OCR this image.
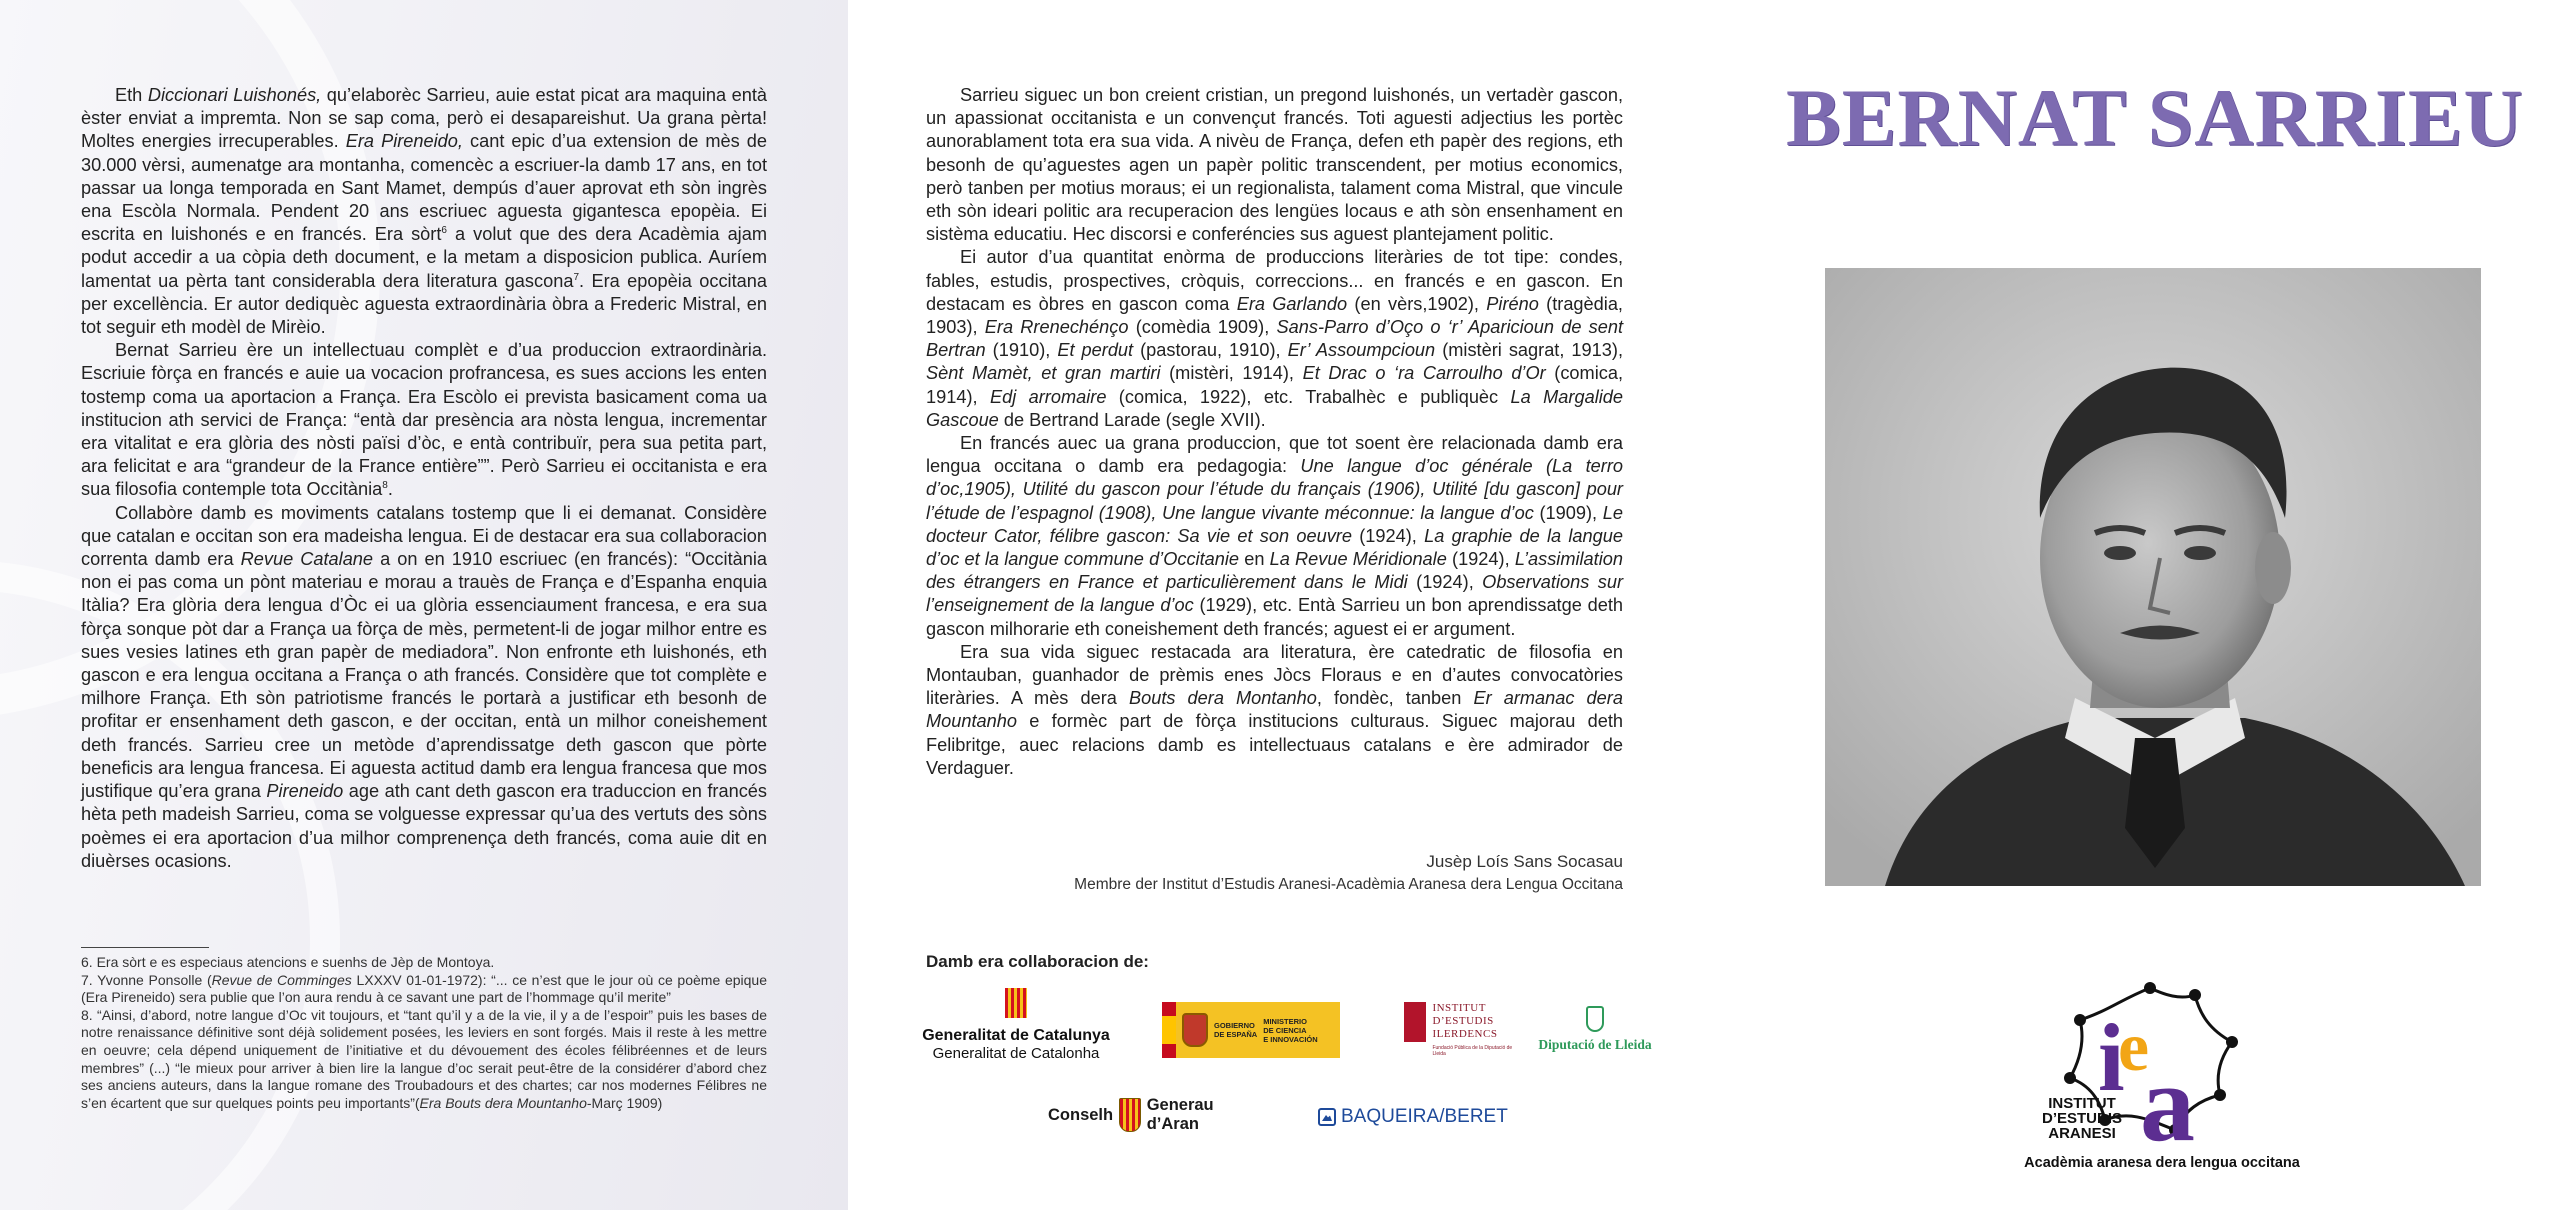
Eth Diccionari Luishonés, qu’elaborèc Sarrieu, auie estat picat ara maquina entà èster enviat a impremta. Non se sap coma, però ei desapareishut. Ua grana pèrta! Moltes energies irrecuperables. Era Pireneido, cant epic d’ua extension de mès de 30.000 vèrsi, aumenatge ara montanha, comencèc a escriuer-la damb 17 ans, en tot passar ua longa temporada en Sant Mamet, dempús d’auer aprovat eth sòn ingrès ena Escòla Normala. Pendent 20 ans escriuec aguesta gigantesca epopèia. Ei escrita en luishonés e en francés. Era sòrt$^6$ a volut que des dera Acadèmia ajam podut accedir a ua còpia deth document, e la metam a disposicion publica. Auríem lamentat ua pèrta tant considerabla dera literatura gascona$^7$. Era epopèia occitana per excellència. Er autor dediquèc aguesta extraordinària òbra a Frederic Mistral, en tot seguir eth modèl de Mirèio.

Bernat Sarrieu ère un intellectuau complèt e d’ua produccion extraordinària. Escriuie fòrça en francés e auie ua vocacion profrancesa, es sues accions les enten tostemp coma ua aportacion a França. Era Escòlo ei prevista basicament coma ua institucion ath servici de França: “entà dar presència ara nòsta lengua, incrementar era vitalitat e era glòria des nòsti païsi d’òc, e entà contribuïr, pera sua petita part, ara felicitat e ara “grandeur de la France entière””. Però Sarrieu ei occitanista e era sua filosofia contemple tota Occitània$^8$.

Collabòre damb es moviments catalans tostemp que li ei demanat. Considère que catalan e occitan son era madeisha lengua. Ei de destacar era sua collaboracion correnta damb era Revue Catalane a on en 1910 escriuec (en francés): “Occitània non ei pas coma un pònt materiau e morau a trauès de França e d’Espanha enquia Itàlia? Era glòria dera lengua d’Òc ei ua glòria essenciaument francesa, e era sua fòrça sonque pòt dar a França ua fòrça de mès, permetent-li de jogar milhor entre es sues vesies latines eth gran papèr de mediadora”. Non enfronte eth luishonés, eth gascon e era lengua occitana a França o ath francés. Considère que tot complète e milhore França. Eth sòn patriotisme francés le portarà a justificar eth besonh de profitar er ensenhament deth gascon, e der occitan, entà un milhor coneishement deth francés. Sarrieu cree un metòde d’aprendissatge deth gascon que pòrte beneficis ara lengua francesa. Ei aguesta actitud damb era lengua francesa que mos justifique qu’era grana Pireneido age ath cant deth gascon era traduccion en francés hèta peth madeish Sarrieu, coma se volguesse expressar qu’ua des vertuts des sòns poèmes ei era aportacion d’ua milhor comprenença deth francés, coma auie dit en diuèrses ocasions.

6. Era sòrt e es especiaus atencions e suenhs de Jèp de Montoya.

7. Yvonne Ponsolle (Revue de Comminges LXXXV 01-01-1972): “... ce n’est que le jour où ce poème epique (Era Pireneido) sera publie que l’on aura rendu à ce savant une part de l’hommage qu’il merite”

8. “Ainsi, d’abord, notre langue d’Oc vit toujours, et “tant qu’il y a de la vie, il y a de l’espoir” puis les bases de notre renaissance définitive sont déjà solidement posées, les leviers en sont forgés. Mais il reste à les mettre en oeuvre; cela dépend uniquement de l’initiative et du dévouement des écoles félibréennes et de leurs membres” (...) “le mieux pour arriver à bien lire la langue d’oc serait peut-être de la considérer d’abord chez ses anciens auteurs, dans la langue romane des Troubadours et des chartes; car nos modernes Félibres ne s’en écartent que sur quelques points peu importants”(Era Bouts dera Mountanho-Març 1909)

Sarrieu siguec un bon creient cristian, un pregond luishonés, un vertadèr gascon, un apassionat occitanista e un convençut francés. Toti aguesti adjectius les portèc aunorablament tota era sua vida. A nivèu de França, defen eth papèr des regions, eth besonh de qu’aguestes agen un papèr politic transcendent, per motius economics, però tanben per motius moraus; ei un regionalista, talament coma Mistral, que vincule eth sòn ideari politic ara recuperacion des lengües locaus e ath sòn ensenhament en sistèma educatiu. Hec discorsi e conferéncies sus aguest plantejament politic.

Ei autor d’ua quantitat enòrma de produccions literàries de tot tipe: condes, fables, estudis, prospectives, cròquis, correccions... en francés e en gascon. En destacam es òbres en gascon coma Era Garlando (en vèrs,1902), Piréno (tragèdia, 1903), Era Rrenechénço (comèdia 1909), Sans-Parro d’Oço o ‘r’ Aparicioun de sent Bertran (1910), Et perdut (pastorau, 1910), Er’ Assoumpcioun (mistèri sagrat, 1913), Sènt Mamèt, et gran martiri (mistèri, 1914), Et Drac o ‘ra Carroulho d’Or (comica, 1914), Edj arromaire (comica, 1922), etc. Trabalhèc e publiquèc La Margalide Gascoue de Bertrand Larade (segle XVII).

En francés auec ua grana produccion, que tot soent ère relacionada damb era lengua occitana o damb era pedagogia: Une langue d’oc générale (La terro d’oc,1905), Utilité du gascon pour l’étude du français (1906), Utilité [du gascon] pour l’étude de l’espagnol (1908), Une langue vivante méconnue: la langue d’oc (1909), Le docteur Cator, félibre gascon: Sa vie et son oeuvre (1924), La graphie de la langue d’oc et la langue commune d’Occitanie en La Revue Méridionale (1924), L’assimilation des étrangers en France et particulièrement dans le Midi (1924), Observations sur l’enseignement de la langue d’oc (1929), etc. Entà Sarrieu un bon aprendissatge deth gascon milhorarie eth coneishement deth francés; aguest ei er argument.

Era sua vida siguec restacada ara literatura, ère catedratic de filosofia en Montauban, guanhador de prèmis enes Jòcs Floraus e en d’autes convocatòries literàries. A mès dera Bouts dera Montanho, fondèc, tanben Er armanac dera Mountanho e formèc part de fòrça institucions culturaus. Siguec majorau deth Felibritge, auec relacions damb es intellectuaus catalans e ère admirador de Verdaguer.

Jusèp Loís Sans Socasau
Membre der Institut d’Estudis Aranesi-Acadèmia Aranesa dera Lengua Occitana
Damb era collaboracion de:
Generalitat de Catalunya
Generalitat de Catalonha
GOBIERNO
DE ESPAÑA
MINISTERIO
DE CIENCIA
E INNOVACIÓN
INSTITUT
D’ESTUDIS
ILERDENCS
Fundació Pública de la Diputació de Lleida
Diputació de Lleida
Conselh
Generau d’Aran	BAQUEIRA/BERET
BERNAT SARRIEU
i
e
a
INSTITUT
D’ESTUDIS
ARANESI
Acadèmia aranesa dera lengua occitana
